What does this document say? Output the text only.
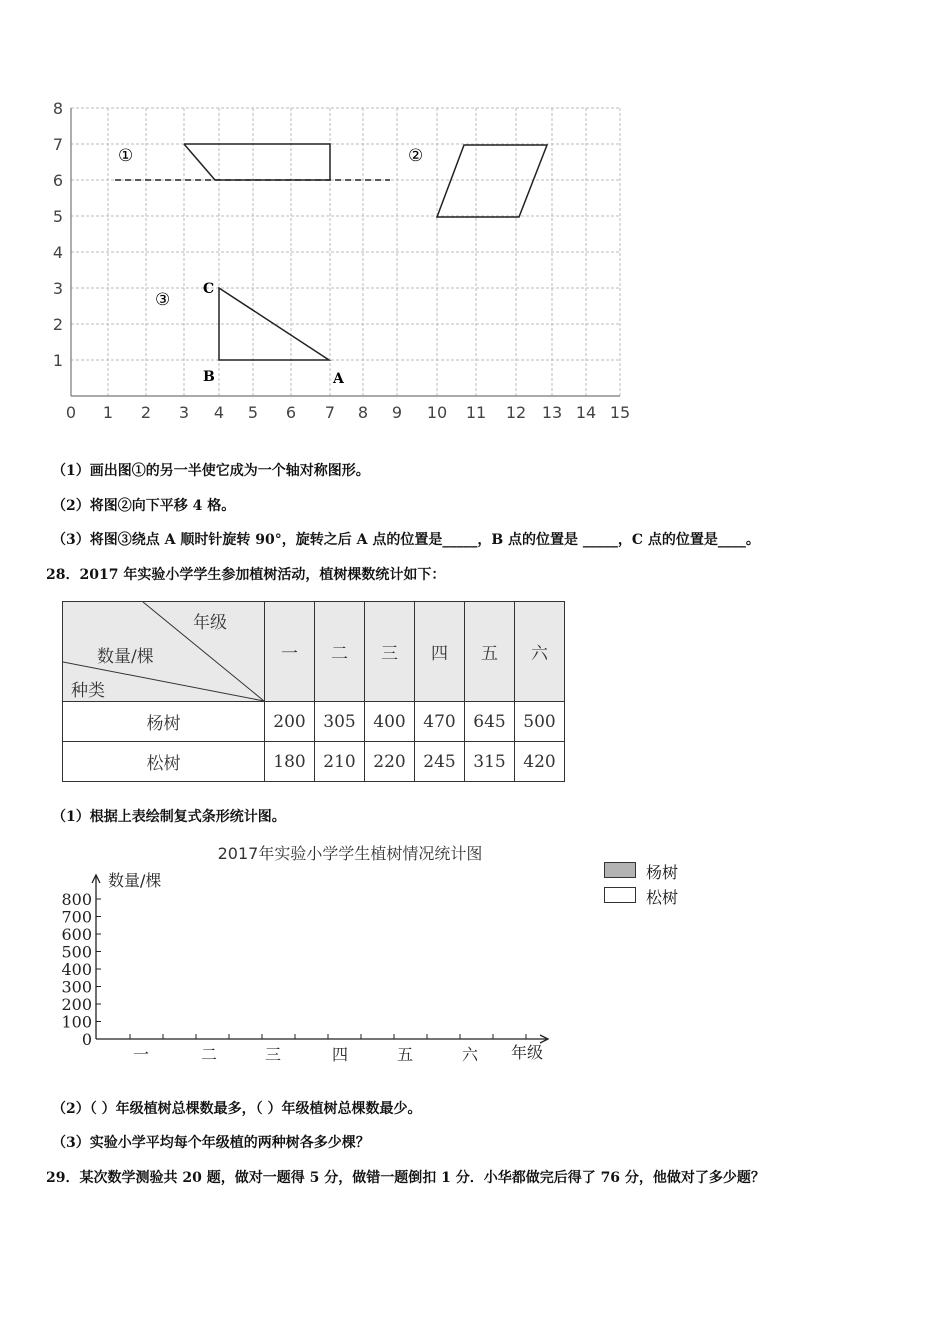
0 1 2 3 4 5 6 7 8 9 10 11 12 13 14 15
8
7
6
5
4
3
2
1
①	②
③
C
B	A
（1）画出图①的另一半使它成为一个轴对称图形。
（2）将图②向下平移 4 格。
（3）将图③绕点 A 顺时针旋转 90°，旋转之后 A 点的位置是_____，B 点的位置是 _____，C 点的位置是____。
28．2017 年实验小学学生参加植树活动，植树棵数统计如下：
年级
数量/棵
种类	一	二	三	四	五	六
杨树	200	305	400	470	645	500
松树	180	210	220	245	315	420
（1）根据上表绘制复式条形统计图。
2017年实验小学学生植树情况统计图
数量/棵
年级
800
700
600
500
400
300
200
100
0
一	二	三	四	五	六
杨树
松树
（2）（ ）年级植树总棵数最多，（ ）年级植树总棵数最少。
（3）实验小学平均每个年级植的两种树各多少棵？
29．某次数学测验共 20 题，做对一题得 5 分，做错一题倒扣 1 分．小华都做完后得了 76 分，他做对了多少题？
